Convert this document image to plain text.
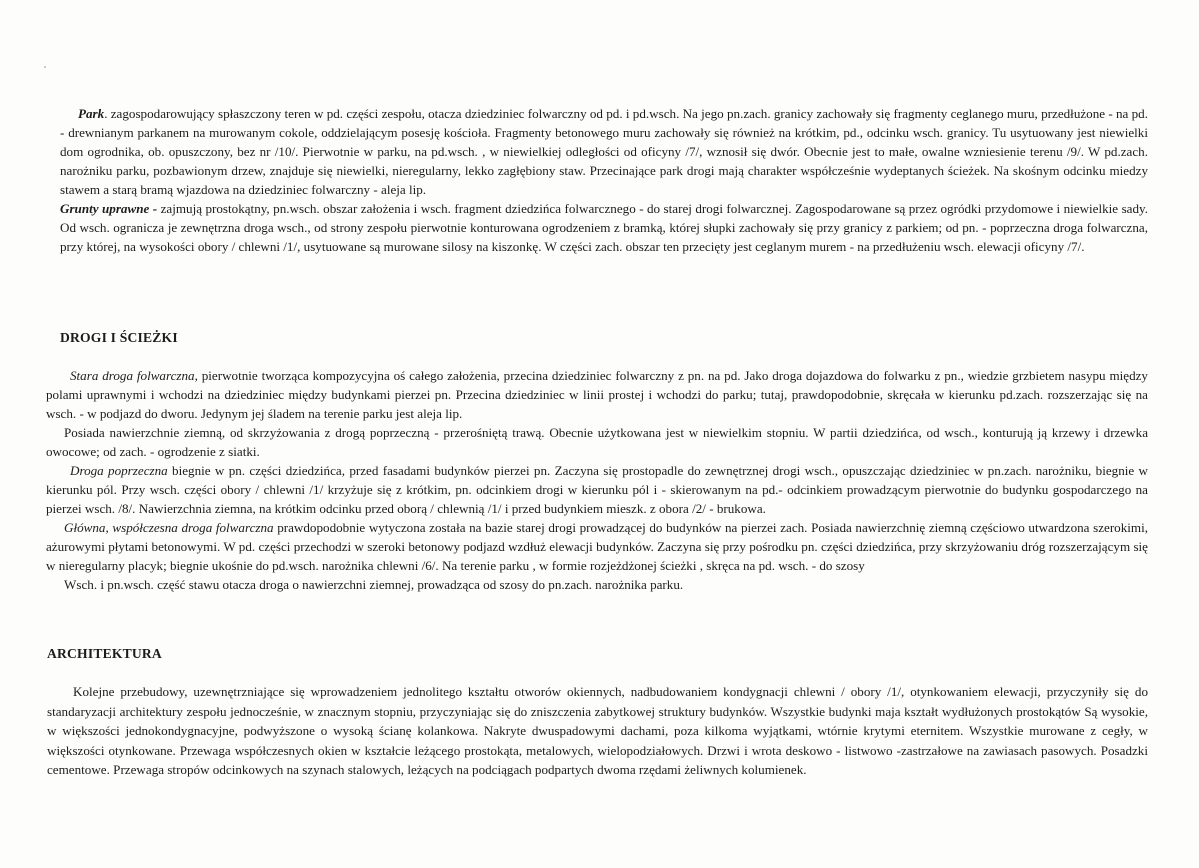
Park. zagospodarowujący spłaszczony teren w pd. części zespołu, otacza dziedziniec folwarczny od pd. i pd.wsch. Na jego pn.zach. granicy zachowały się fragmenty ceglanego muru, przedłużone - na pd. - drewnianym parkanem na murowanym cokole, oddzielającym posesję kościoła. Fragmenty betonowego muru zachowały się również na krótkim, pd., odcinku wsch. granicy. Tu usytuowany jest niewielki dom ogrodnika, ob. opuszczony, bez nr /10/. Pierwotnie w parku, na pd.wsch. , w niewielkiej odległości od oficyny /7/, wznosił się dwór. Obecnie jest to małe, owalne wzniesienie terenu /9/. W pd.zach. narożniku parku, pozbawionym drzew, znajduje się niewielki, nieregularny, lekko zagłębiony staw. Przecinające park drogi mają charakter współcześnie wydeptanych ścieżek. Na skośnym odcinku miedzy stawem a starą bramą wjazdowa na dziedziniec folwarczny - aleja lip.

Grunty uprawne - zajmują prostokątny, pn.wsch. obszar założenia i wsch. fragment dziedzińca folwarcznego - do starej drogi folwarcznej. Zagospodarowane są przez ogródki przydomowe i niewielkie sady. Od wsch. ogranicza je zewnętrzna droga wsch., od strony zespołu pierwotnie konturowana ogrodzeniem z bramką, której słupki zachowały się przy granicy z parkiem; od pn. - poprzeczna droga folwarczna, przy której, na wysokości obory / chlewni /1/, usytuowane są murowane silosy na kiszonkę. W części zach. obszar ten przecięty jest ceglanym murem - na przedłużeniu wsch. elewacji oficyny /7/.

DROGI I ŚCIEŻKI

Stara droga folwarczna, pierwotnie tworząca kompozycyjna oś całego założenia, przecina dziedziniec folwarczny z pn. na pd. Jako droga dojazdowa do folwarku z pn., wiedzie grzbietem nasypu między polami uprawnymi i wchodzi na dziedziniec między budynkami pierzei pn. Przecina dziedziniec w linii prostej i wchodzi do parku; tutaj, prawdopodobnie, skręcała w kierunku pd.zach. rozszerzając się na wsch. - w podjazd do dworu. Jedynym jej śladem na terenie parku jest aleja lip.

Posiada nawierzchnie ziemną, od skrzyżowania z drogą poprzeczną - przerośniętą trawą. Obecnie użytkowana jest w niewielkim stopniu. W partii dziedzińca, od wsch., konturują ją krzewy i drzewka owocowe; od zach. - ogrodzenie z siatki.

Droga poprzeczna biegnie w pn. części dziedzińca, przed fasadami budynków pierzei pn. Zaczyna się prostopadle do zewnętrznej drogi wsch., opuszczając dziedziniec w pn.zach. narożniku, biegnie w kierunku pól. Przy wsch. części obory / chlewni /1/ krzyżuje się z krótkim, pn. odcinkiem drogi w kierunku pól i - skierowanym na pd.- odcinkiem prowadzącym pierwotnie do budynku gospodarczego na pierzei wsch. /8/. Nawierzchnia ziemna, na krótkim odcinku przed oborą / chlewnią /1/ i przed budynkiem mieszk. z obora /2/ - brukowa.

Główna, współczesna droga folwarczna prawdopodobnie wytyczona została na bazie starej drogi prowadzącej do budynków na pierzei zach. Posiada nawierzchnię ziemną częściowo utwardzona szerokimi, ażurowymi płytami betonowymi. W pd. części przechodzi w szeroki betonowy podjazd wzdłuż elewacji budynków. Zaczyna się przy pośrodku pn. części dziedzińca, przy skrzyżowaniu dróg rozszerzającym się w nieregularny placyk; biegnie ukośnie do pd.wsch. narożnika chlewni /6/. Na terenie parku , w formie rozjeżdżonej ścieżki , skręca na pd. wsch. - do szosy

Wsch. i pn.wsch. część stawu otacza droga o nawierzchni ziemnej, prowadząca od szosy do pn.zach. narożnika parku.

ARCHITEKTURA

Kolejne przebudowy, uzewnętrzniające się wprowadzeniem jednolitego kształtu otworów okiennych, nadbudowaniem kondygnacji chlewni / obory /1/, otynkowaniem elewacji, przyczyniły się do standaryzacji architektury zespołu jednocześnie, w znacznym stopniu, przyczyniając się do zniszczenia zabytkowej struktury budynków. Wszystkie budynki maja kształt wydłużonych prostokątów Są wysokie, w większości jednokondygnacyjne, podwyższone o wysoką ścianę kolankowa. Nakryte dwuspadowymi dachami, poza kilkoma wyjątkami, wtórnie krytymi eternitem. Wszystkie murowane z cegły, w większości otynkowane. Przewaga współczesnych okien w kształcie leżącego prostokąta, metalowych, wielopodziałowych. Drzwi i wrota deskowo - listwowo -zastrzałowe na zawiasach pasowych. Posadzki cementowe. Przewaga stropów odcinkowych na szynach stalowych, leżących na podciągach podpartych dwoma rzędami żeliwnych kolumienek.
